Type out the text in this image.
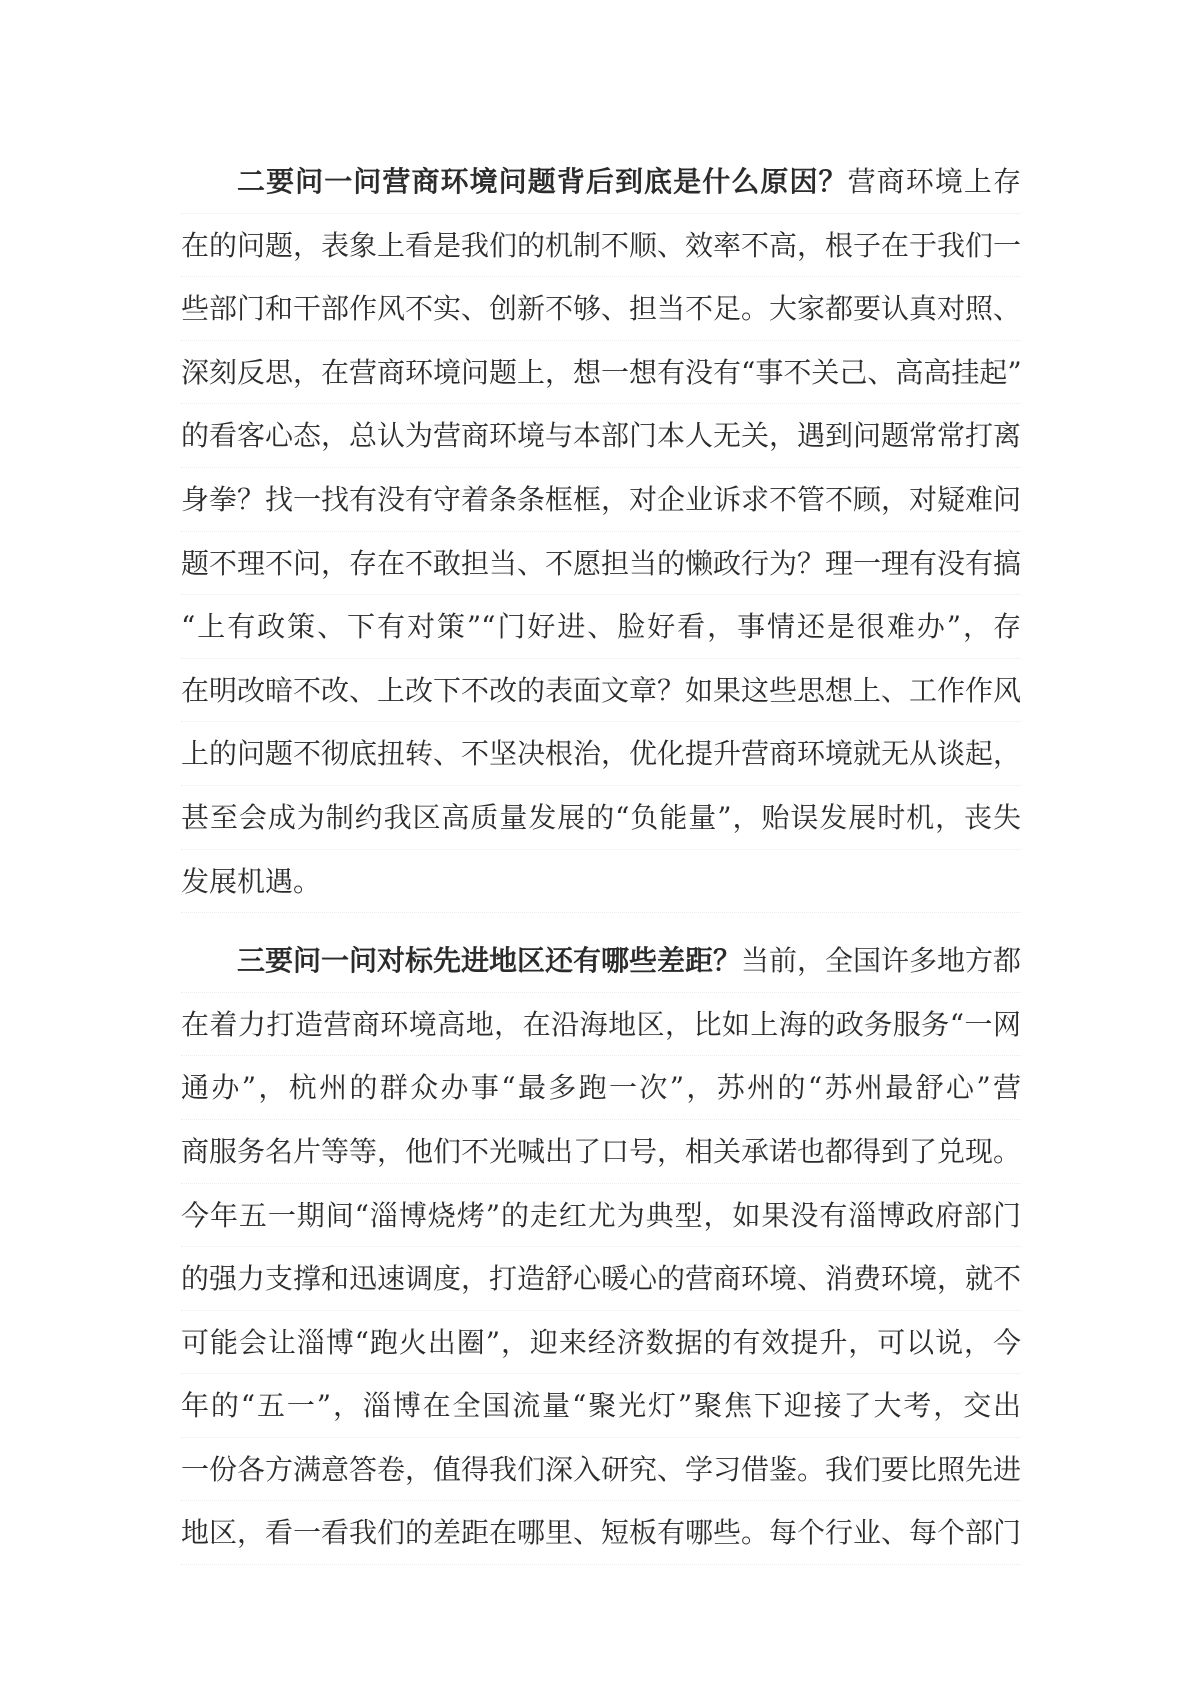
二要问一问营商环境问题背后到底是什么原因？营商环境上存
在的问题，表象上看是我们的机制不顺、效率不高，根子在于我们一
些部门和干部作风不实、创新不够、担当不足。大家都要认真对照、
深刻反思，在营商环境问题上，想一想有没有“事不关己、高高挂起”
的看客心态，总认为营商环境与本部门本人无关，遇到问题常常打离
身拳？找一找有没有守着条条框框，对企业诉求不管不顾，对疑难问
题不理不问，存在不敢担当、不愿担当的懒政行为？理一理有没有搞
“上有政策、下有对策”“门好进、脸好看，事情还是很难办”，存
在明改暗不改、上改下不改的表面文章？如果这些思想上、工作作风
上的问题不彻底扭转、不坚决根治，优化提升营商环境就无从谈起，
甚至会成为制约我区高质量发展的“负能量”，贻误发展时机，丧失
发展机遇。
三要问一问对标先进地区还有哪些差距？当前，全国许多地方都
在着力打造营商环境高地，在沿海地区，比如上海的政务服务“一网
通办”，杭州的群众办事“最多跑一次”，苏州的“苏州最舒心”营
商服务名片等等，他们不光喊出了口号，相关承诺也都得到了兑现。
今年五一期间“淄博烧烤”的走红尤为典型，如果没有淄博政府部门
的强力支撑和迅速调度，打造舒心暖心的营商环境、消费环境，就不
可能会让淄博“跑火出圈”，迎来经济数据的有效提升，可以说，今
年的“五一”，淄博在全国流量“聚光灯”聚焦下迎接了大考，交出
一份各方满意答卷，值得我们深入研究、学习借鉴。我们要比照先进
地区，看一看我们的差距在哪里、短板有哪些。每个行业、每个部门
